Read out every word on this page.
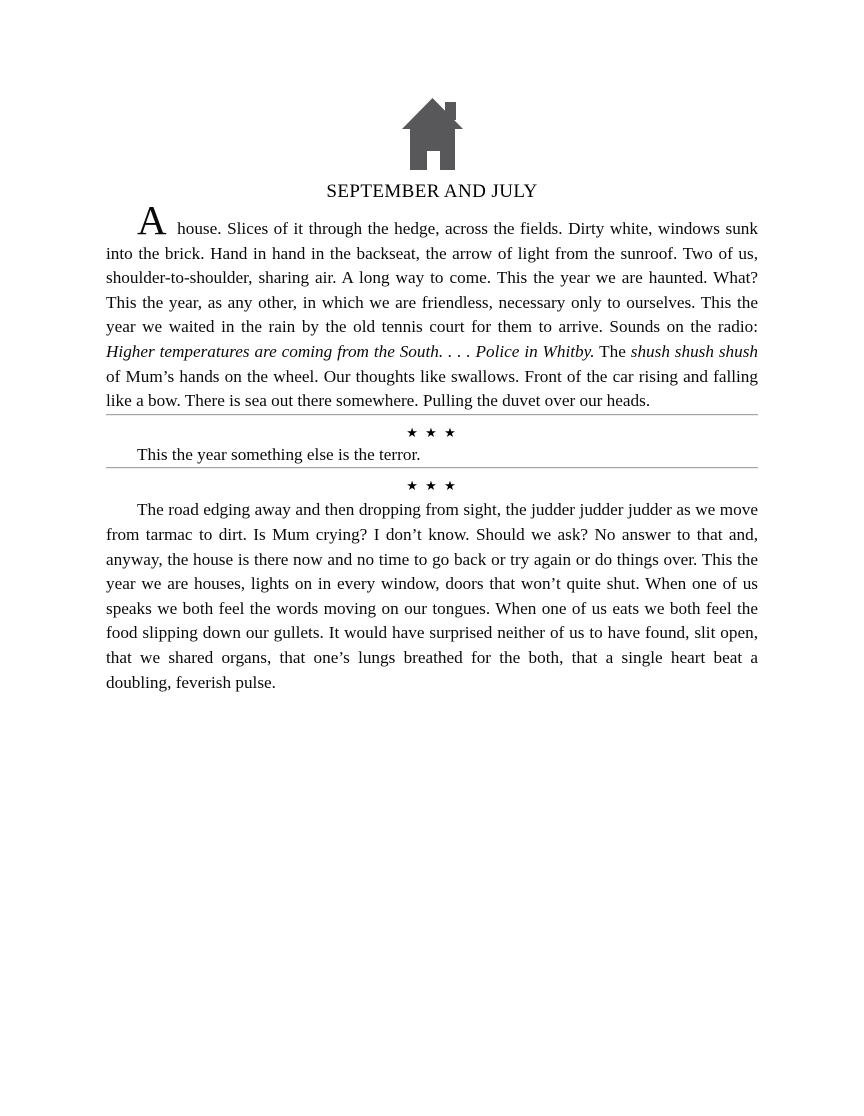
SEPTEMBER AND JULY

A house. Slices of it through the hedge, across the fields. Dirty white, windows sunk into the brick. Hand in hand in the backseat, the arrow of light from the sunroof. Two of us, shoulder-to-shoulder, sharing air. A long way to come. This the year we are haunted. What? This the year, as any other, in which we are friendless, necessary only to ourselves. This the year we waited in the rain by the old tennis court for them to arrive. Sounds on the radio: Higher temperatures are coming from the South. . . . Police in Whitby. The shush shush shush of Mum’s hands on the wheel. Our thoughts like swallows. Front of the car rising and falling like a bow. There is sea out there somewhere. Pulling the duvet over our heads.

★ ★ ★

This the year something else is the terror.

★ ★ ★

The road edging away and then dropping from sight, the judder judder judder as we move from tarmac to dirt. Is Mum crying? I don’t know. Should we ask? No answer to that and, anyway, the house is there now and no time to go back or try again or do things over. This the year we are houses, lights on in every window, doors that won’t quite shut. When one of us speaks we both feel the words moving on our tongues. When one of us eats we both feel the food slipping down our gullets. It would have surprised neither of us to have found, slit open, that we shared organs, that one’s lungs breathed for the both, that a single heart beat a doubling, feverish pulse.
